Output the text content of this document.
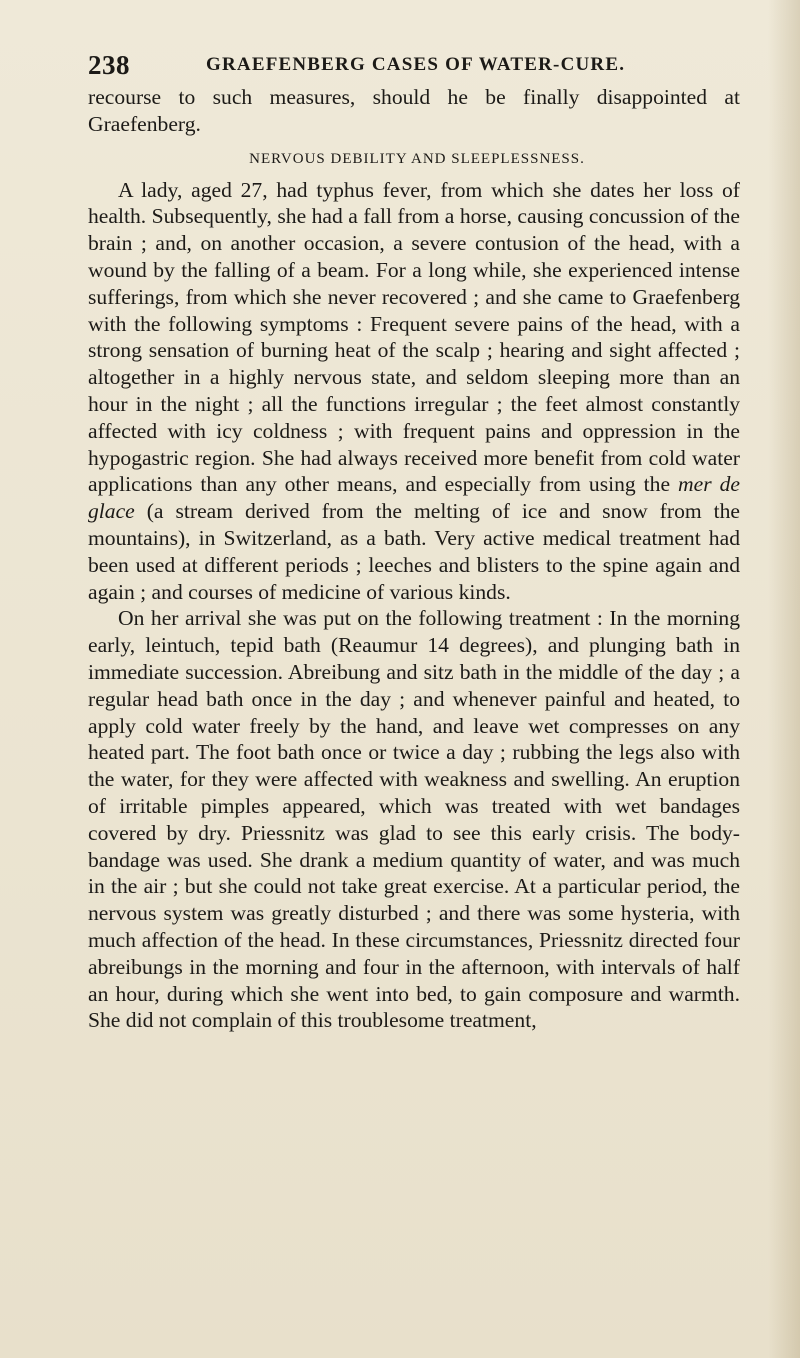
238	GRAEFENBERG CASES OF WATER-CURE.

recourse to such measures, should he be finally disappointed at Graefenberg.

NERVOUS DEBILITY AND SLEEPLESSNESS.

A lady, aged 27, had typhus fever, from which she dates her loss of health. Subsequently, she had a fall from a horse, causing concussion of the brain ; and, on another occasion, a severe contusion of the head, with a wound by the falling of a beam. For a long while, she experienced intense sufferings, from which she never recovered ; and she came to Graefenberg with the following symptoms : Frequent severe pains of the head, with a strong sensation of burning heat of the scalp ; hearing and sight affected ; altogether in a highly nervous state, and seldom sleeping more than an hour in the night ; all the functions irregular ; the feet almost constantly affected with icy coldness ; with frequent pains and oppression in the hypogastric region. She had always received more benefit from cold water applications than any other means, and especially from using the mer de glace (a stream derived from the melting of ice and snow from the mountains), in Switzerland, as a bath. Very active medical treatment had been used at different periods ; leeches and blisters to the spine again and again ; and courses of medicine of various kinds.

On her arrival she was put on the following treatment : In the morning early, leintuch, tepid bath (Reaumur 14 degrees), and plunging bath in immediate succession. Abreibung and sitz bath in the middle of the day ; a regular head bath once in the day ; and whenever painful and heated, to apply cold water freely by the hand, and leave wet compresses on any heated part. The foot bath once or twice a day ; rubbing the legs also with the water, for they were affected with weakness and swelling. An eruption of irritable pimples appeared, which was treated with wet bandages covered by dry. Priessnitz was glad to see this early crisis. The body-bandage was used. She drank a medium quantity of water, and was much in the air ; but she could not take great exercise. At a particular period, the nervous system was greatly disturbed ; and there was some hysteria, with much affection of the head. In these circumstances, Priessnitz directed four abreibungs in the morning and four in the afternoon, with intervals of half an hour, during which she went into bed, to gain composure and warmth. She did not complain of this troublesome treatment,
